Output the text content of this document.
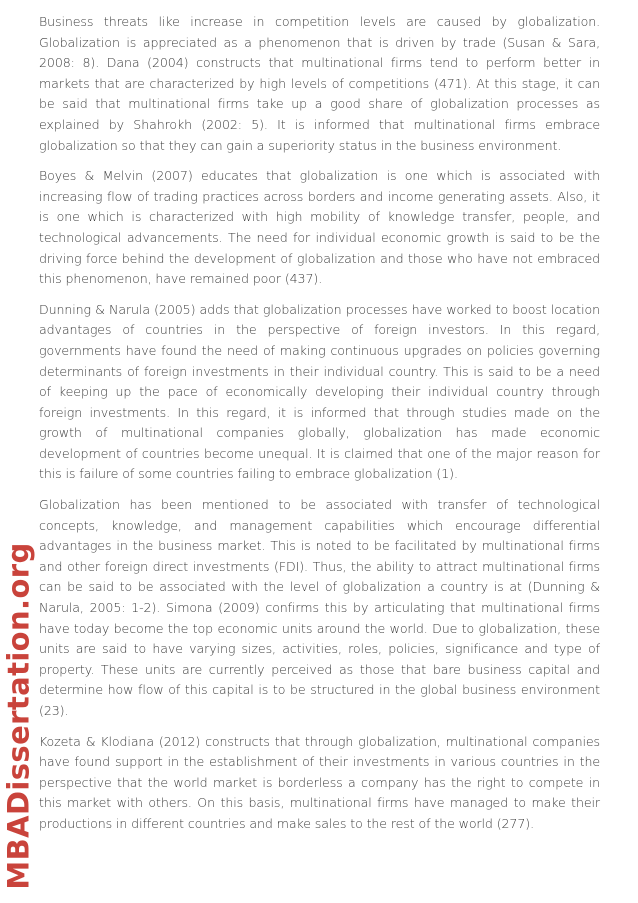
MBADissertation.org

Business threats like increase in competition levels are caused by globalization. Globalization is appreciated as a phenomenon that is driven by trade (Susan & Sara, 2008: 8). Dana (2004) constructs that multinational firms tend to perform better in markets that are characterized by high levels of competitions (471). At this stage, it can be said that multinational firms take up a good share of globalization processes as explained by Shahrokh (2002: 5). It is informed that multinational firms embrace globalization so that they can gain a superiority status in the business environment.

Boyes & Melvin (2007) educates that globalization is one which is associated with increasing flow of trading practices across borders and income generating assets. Also, it is one which is characterized with high mobility of knowledge transfer, people, and technological advancements. The need for individual economic growth is said to be the driving force behind the development of globalization and those who have not embraced this phenomenon, have remained poor (437).

Dunning & Narula (2005) adds that globalization processes have worked to boost location advantages of countries in the perspective of foreign investors. In this regard, governments have found the need of making continuous upgrades on policies governing determinants of foreign investments in their individual country. This is said to be a need of keeping up the pace of economically developing their individual country through foreign investments. In this regard, it is informed that through studies made on the growth of multinational companies globally, globalization has made economic development of countries become unequal. It is claimed that one of the major reason for this is failure of some countries failing to embrace globalization (1).

Globalization has been mentioned to be associated with transfer of technological concepts, knowledge, and management capabilities which encourage differential advantages in the business market. This is noted to be facilitated by multinational firms and other foreign direct investments (FDI). Thus, the ability to attract multinational firms can be said to be associated with the level of globalization a country is at (Dunning & Narula, 2005: 1-2). Simona (2009) confirms this by articulating that multinational firms have today become the top economic units around the world. Due to globalization, these units are said to have varying sizes, activities, roles, policies, significance and type of property. These units are currently perceived as those that bare business capital and determine how flow of this capital is to be structured in the global business environment (23).

Kozeta & Klodiana (2012) constructs that through globalization, multinational companies have found support in the establishment of their investments in various countries in the perspective that the world market is borderless a company has the right to compete in this market with others. On this basis, multinational firms have managed to make their productions in different countries and make sales to the rest of the world (277).
